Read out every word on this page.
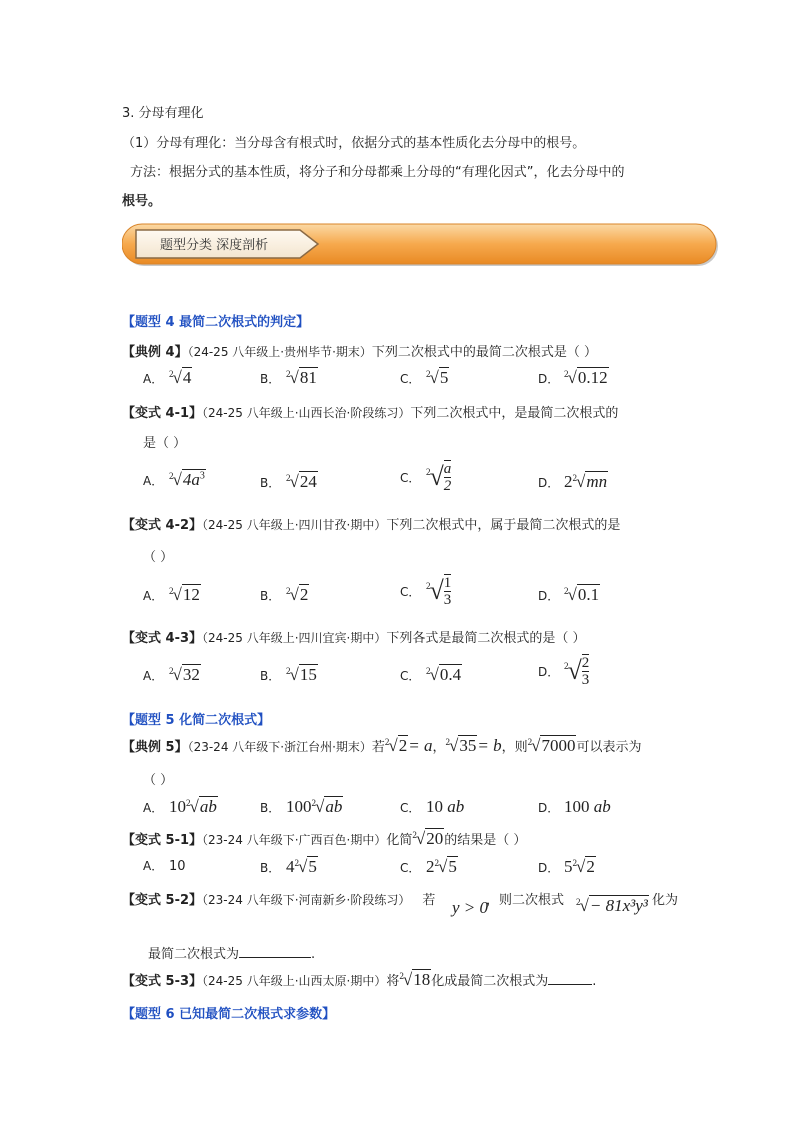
3. 分母有理化
（1）分母有理化：当分母含有根式时，依据分式的基本性质化去分母中的根号。
方法：根据分式的基本性质，将分子和分母都乘上分母的“有理化因式”，化去分母中的
根号。
题型分类 深度剖析
【题型 4 最简二次根式的判定】
【典例 4】（24-25 八年级上·贵州毕节·期末）下列二次根式中的最简二次根式是（ ）
A． $^2$√4	B． $^2$√81	C． $^2$√5	D． $^2$√0.12
【变式 4-1】（24-25 八年级上·山西长治·阶段练习）下列二次根式中，是最简二次根式的
是（ ）
A． $^2√4a^3$
B． $^2$√24	C． $^2√ \frac{a}{2}$	D． $2^2√mn$
【变式 4-2】（24-25 八年级上·四川甘孜·期中）下列二次根式中，属于最简二次根式的是
（ ）
A． $^2$√12	B． $^2$√2	C． $^2√ \frac{1}{3}$	D． $^2$√0.1
【变式 4-3】（24-25 八年级上·四川宜宾·期中）下列各式是最简二次根式的是（ ）
A． $^2$√32	B． $^2$√15	C． $^2$√0.4	D． $^2√ \frac{2}{3}$
【题型 5 化简二次根式】
【典例 5】（23-24 八年级下·浙江台州·期末）若$^2$√2= a，$^2$√35= b，则$^2$√7000可以表示为
（ ）
A． $10^2√ab$	B． $100^2√ab$	C． 10 ab	D． 100 ab
【变式 5-1】（23-24 八年级下·广西百色·期中）化简$^2$√20的结果是（ ）
A． 10	B． $4^2√5$	C． $2^2√5$	D． $5^2√2$
【变式 5-2】（23-24 八年级下·河南新乡·阶段练习） 若 y > 0
，则二次根式 $^2$√− 81x³y³ 化为
最简二次根式为	.
【变式 5-3】（24-25 八年级上·山西太原·期中）将$^2$√18化成最简二次根式为	.
【题型 6 已知最简二次根式求参数】
